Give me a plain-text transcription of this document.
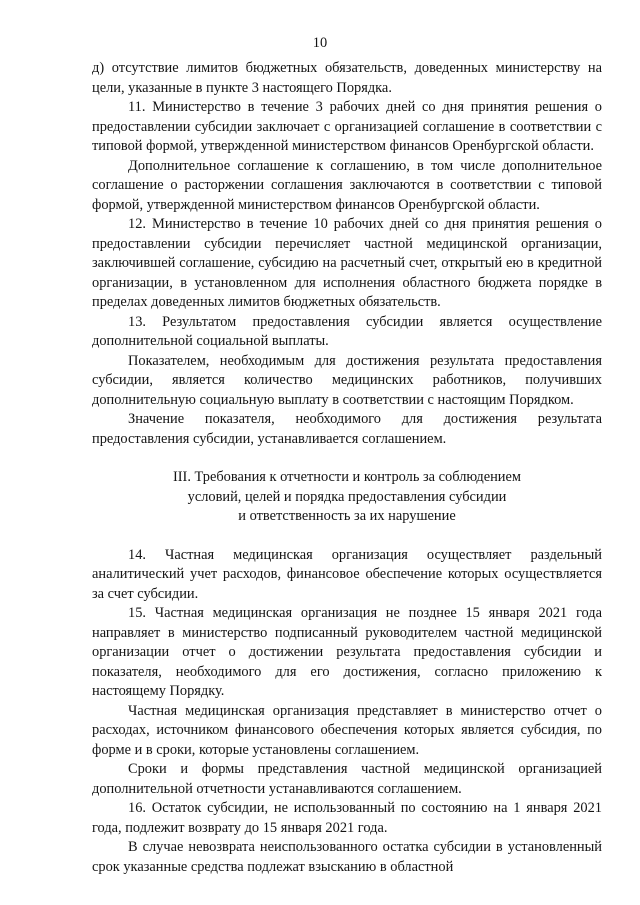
10

д) отсутствие лимитов бюджетных обязательств, доведенных министерству на цели, указанные в пункте 3 настоящего Порядка.

11. Министерство в течение 3 рабочих дней со дня принятия решения о предоставлении субсидии заключает с организацией соглашение в соответствии с типовой формой, утвержденной министерством финансов Оренбургской области.

Дополнительное соглашение к соглашению, в том числе дополнительное соглашение о расторжении соглашения заключаются в соответствии с типовой формой, утвержденной министерством финансов Оренбургской области.

12. Министерство в течение 10 рабочих дней со дня принятия решения о предоставлении субсидии перечисляет частной медицинской организации, заключившей соглашение, субсидию на расчетный счет, открытый ею в кредитной организации, в установленном для исполнения областного бюджета порядке в пределах доведенных лимитов бюджетных обязательств.

13. Результатом предоставления субсидии является осуществление дополнительной социальной выплаты.

Показателем, необходимым для достижения результата предоставления субсидии, является количество медицинских работников, получивших дополнительную социальную выплату в соответствии с настоящим Порядком.

Значение показателя, необходимого для достижения результата предоставления субсидии, устанавливается соглашением.

III. Требования к отчетности и контроль за соблюдением

условий, целей и порядка предоставления субсидии

и ответственность за их нарушение

14. Частная медицинская организация осуществляет раздельный аналитический учет расходов, финансовое обеспечение которых осуществляется за счет субсидии.

15. Частная медицинская организация не позднее 15 января 2021 года направляет в министерство подписанный руководителем частной медицинской организации отчет о достижении результата предоставления субсидии и показателя, необходимого для его достижения, согласно приложению к настоящему Порядку.

Частная медицинская организация представляет в министерство отчет о расходах, источником финансового обеспечения которых является субсидия, по форме и в сроки, которые установлены соглашением.

Сроки и формы представления частной медицинской организацией дополнительной отчетности устанавливаются соглашением.

16. Остаток субсидии, не использованный по состоянию на 1 января 2021 года, подлежит возврату до 15 января 2021 года.

В случае невозврата неиспользованного остатка субсидии в установленный срок указанные средства подлежат взысканию в областной
